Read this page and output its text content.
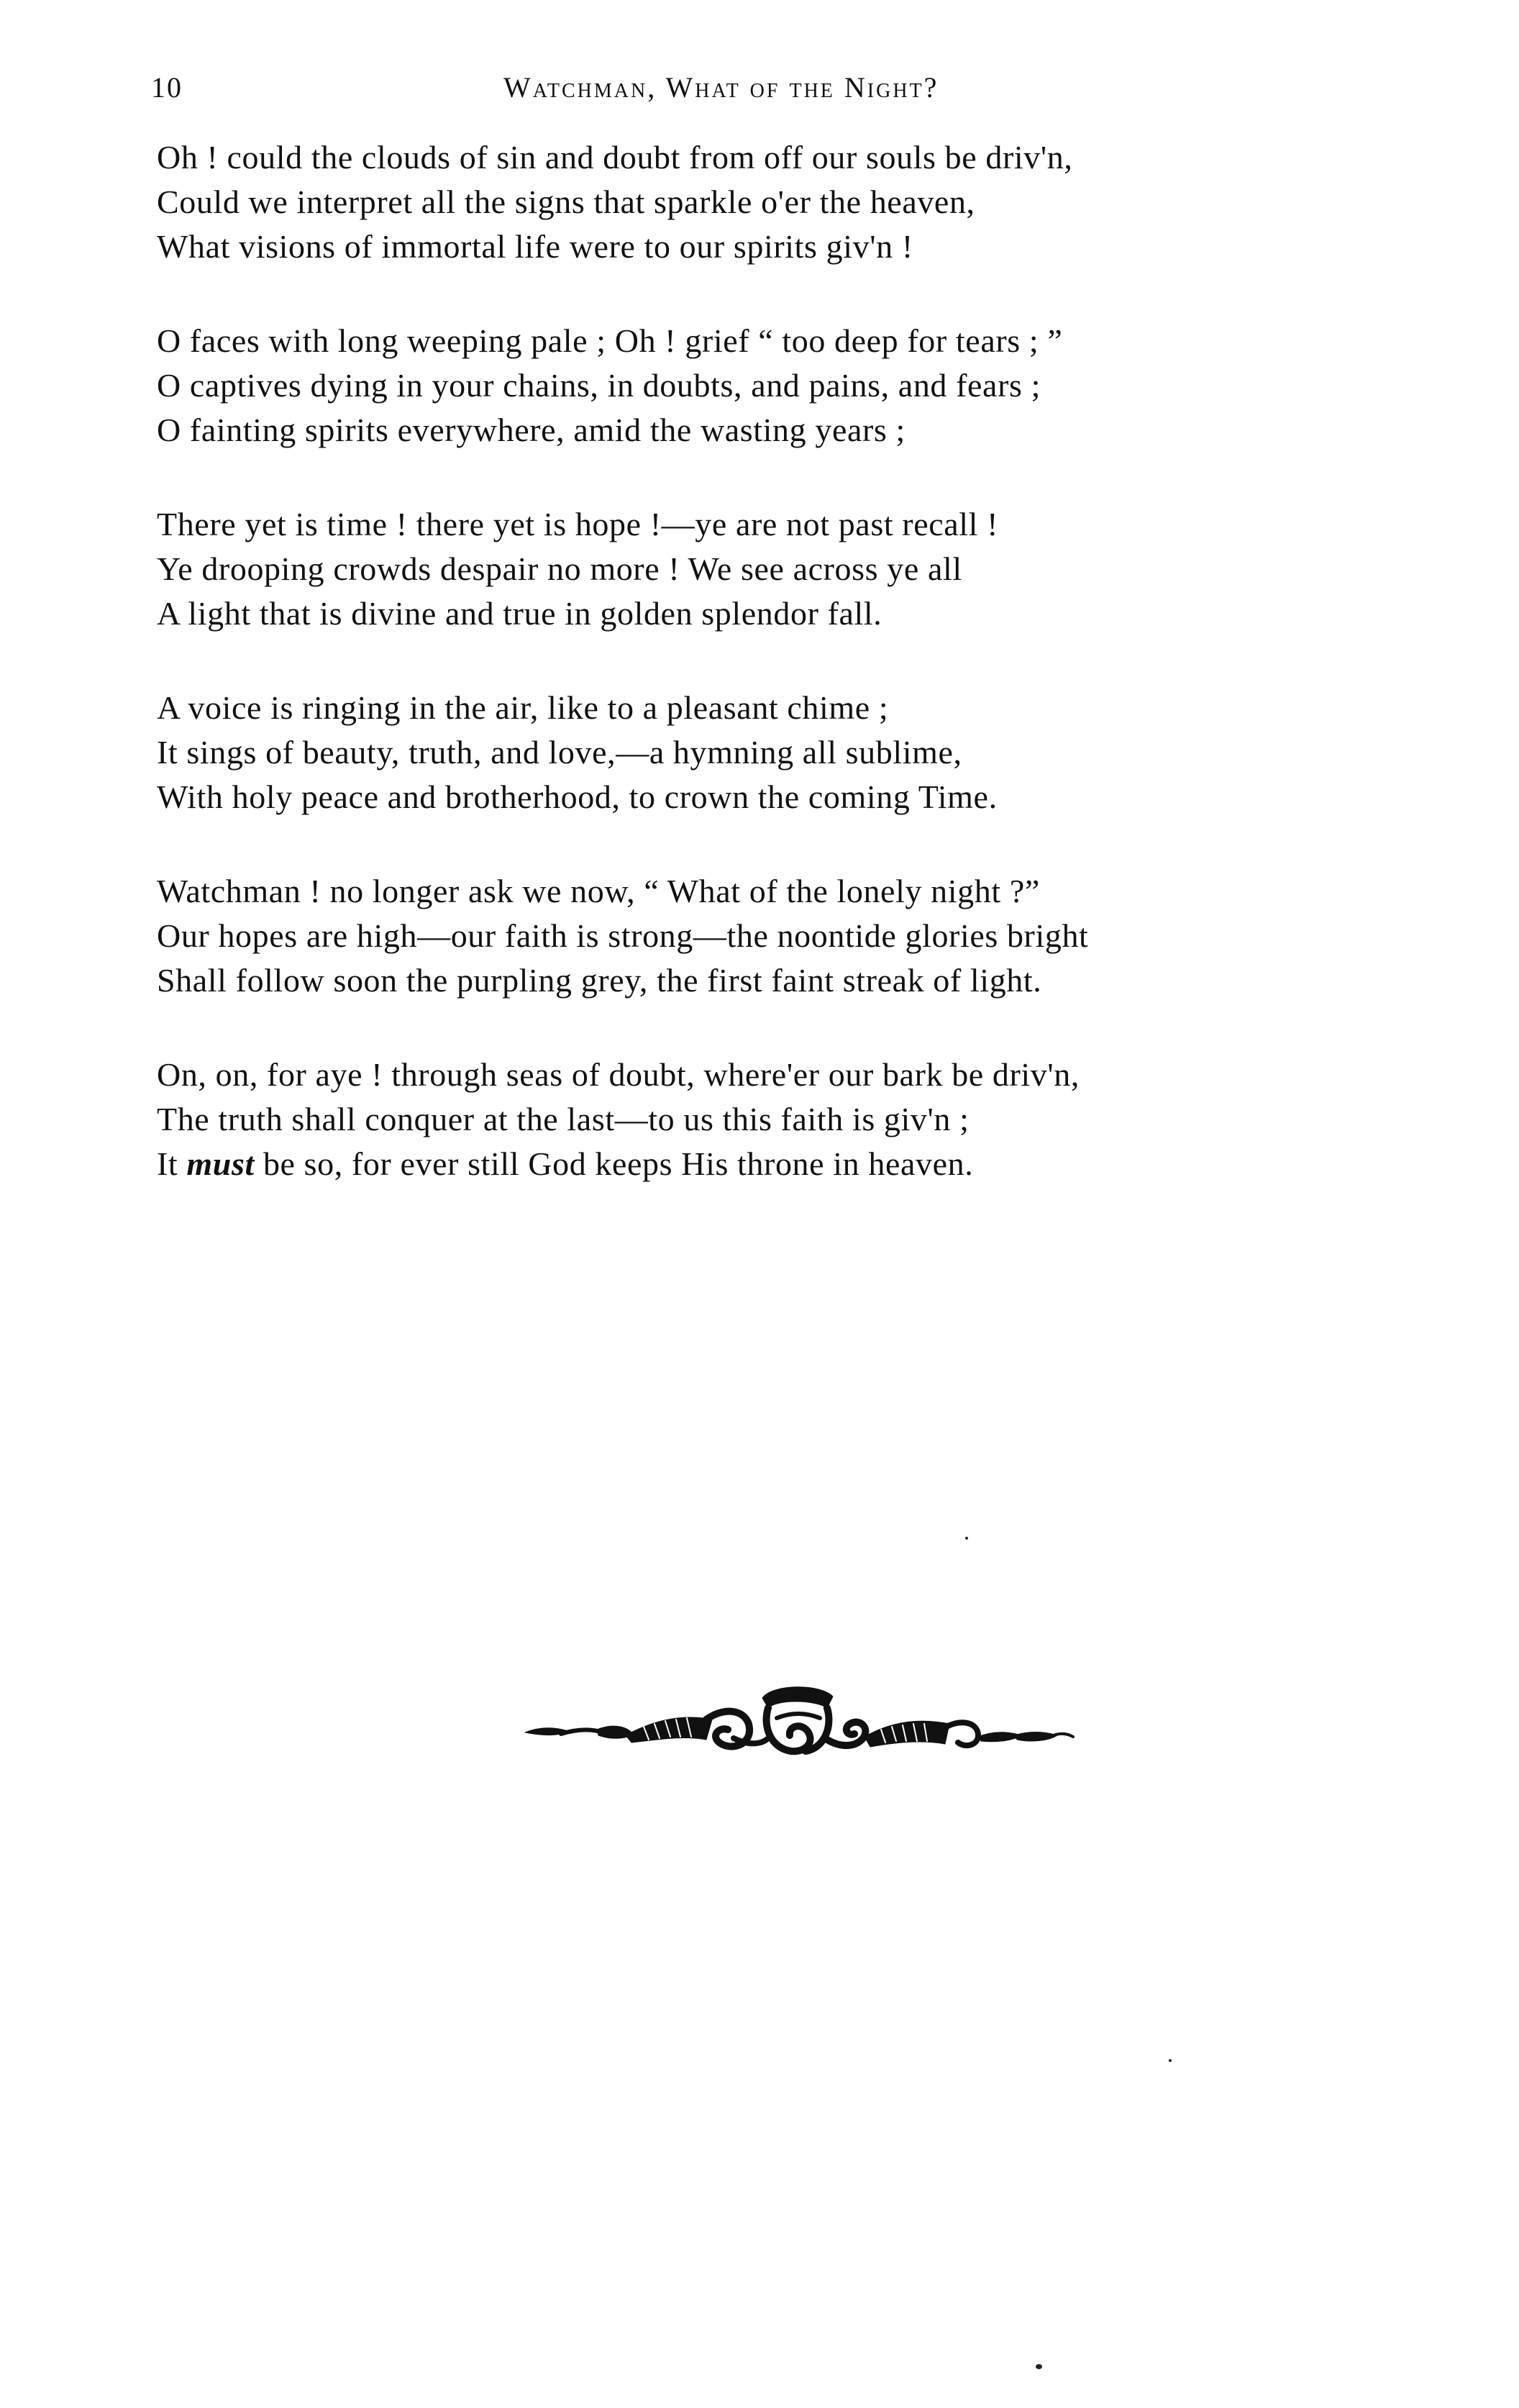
10	Watchman, What of the Night?
Oh ! could the clouds of sin and doubt from off our souls be driv'n,
Could we interpret all the signs that sparkle o'er the heaven,
What visions of immortal life were to our spirits giv'n !
O faces with long weeping pale ; Oh ! grief “ too deep for tears ; ”
O captives dying in your chains, in doubts, and pains, and fears ;
O fainting spirits everywhere, amid the wasting years ;
There yet is time ! there yet is hope !—ye are not past recall !
Ye drooping crowds despair no more ! We see across ye all
A light that is divine and true in golden splendor fall.
A voice is ringing in the air, like to a pleasant chime ;
It sings of beauty, truth, and love,—a hymning all sublime,
With holy peace and brotherhood, to crown the coming Time.
Watchman ! no longer ask we now, “ What of the lonely night ?”
Our hopes are high—our faith is strong—the noontide glories bright
Shall follow soon the purpling grey, the first faint streak of light.
On, on, for aye ! through seas of doubt, where'er our bark be driv'n,
The truth shall conquer at the last—to us this faith is giv'n ;
It must be so, for ever still God keeps His throne in heaven.
